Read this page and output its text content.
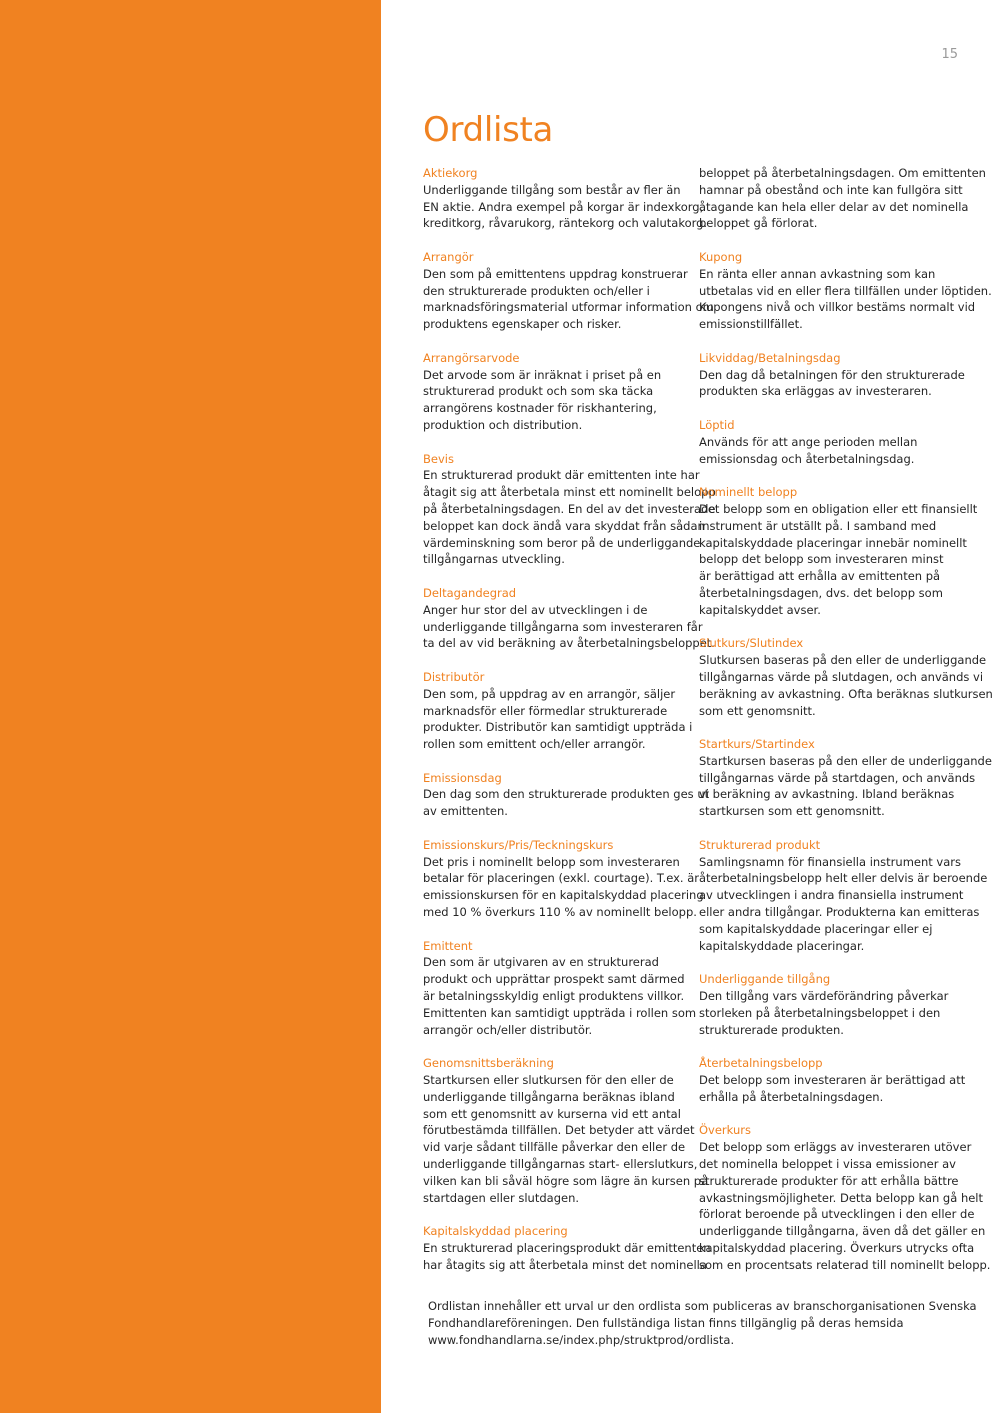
15
Ordlista
Aktiekorg
Underliggande tillgång som består av fler än
EN aktie. Andra exempel på korgar är indexkorg,
kreditkorg, råvarukorg, räntekorg och valutakorg.
Arrangör
Den som på emittentens uppdrag konstruerar
den strukturerade produkten och/eller i
marknadsföringsmaterial utformar information om
produktens egenskaper och risker.
Arrangörsarvode
Det arvode som är inräknat i priset på en
strukturerad produkt och som ska täcka
arrangörens kostnader för riskhantering,
produktion och distribution.
Bevis
En strukturerad produkt där emittenten inte har
åtagit sig att återbetala minst ett nominellt belopp
på återbetalningsdagen. En del av det investerade
beloppet kan dock ändå vara skyddat från sådan
värdeminskning som beror på de underliggande
tillgångarnas utveckling.
Deltagandegrad
Anger hur stor del av utvecklingen i de
underliggande tillgångarna som investeraren får
ta del av vid beräkning av återbetalningsbeloppet.
Distributör
Den som, på uppdrag av en arrangör, säljer
marknadsför eller förmedlar strukturerade
produkter. Distributör kan samtidigt uppträda i
rollen som emittent och/eller arrangör.
Emissionsdag
Den dag som den strukturerade produkten ges ut
av emittenten.
Emissionskurs/Pris/Teckningskurs
Det pris i nominellt belopp som investeraren
betalar för placeringen (exkl. courtage). T.ex. är
emissionskursen för en kapitalskyddad placering
med 10 % överkurs 110 % av nominellt belopp.
Emittent
Den som är utgivaren av en strukturerad
produkt och upprättar prospekt samt därmed
är betalningsskyldig enligt produktens villkor.
Emittenten kan samtidigt uppträda i rollen som
arrangör och/eller distributör.
Genomsnittsberäkning
Startkursen eller slutkursen för den eller de
underliggande tillgångarna beräknas ibland
som ett genomsnitt av kurserna vid ett antal
förutbestämda tillfällen. Det betyder att värdet
vid varje sådant tillfälle påverkar den eller de
underliggande tillgångarnas start- ellerslutkurs,
vilken kan bli såväl högre som lägre än kursen på
startdagen eller slutdagen.
Kapitalskyddad placering
En strukturerad placeringsprodukt där emittenten
har åtagits sig att återbetala minst det nominella
beloppet på återbetalningsdagen. Om emittenten
hamnar på obestånd och inte kan fullgöra sitt
åtagande kan hela eller delar av det nominella
beloppet gå förlorat.
Kupong
En ränta eller annan avkastning som kan
utbetalas vid en eller flera tillfällen under löptiden.
Kupongens nivå och villkor bestäms normalt vid
emissionstillfället.
Likviddag/Betalningsdag
Den dag då betalningen för den strukturerade
produkten ska erläggas av investeraren.
Löptid
Används för att ange perioden mellan
emissionsdag och återbetalningsdag.
Nominellt belopp
Det belopp som en obligation eller ett finansiellt
instrument är utställt på. I samband med
kapitalskyddade placeringar innebär nominellt
belopp det belopp som investeraren minst
är berättigad att erhålla av emittenten på
återbetalningsdagen, dvs. det belopp som
kapitalskyddet avser.
Slutkurs/Slutindex
Slutkursen baseras på den eller de underliggande
tillgångarnas värde på slutdagen, och används vi
beräkning av avkastning. Ofta beräknas slutkursen
som ett genomsnitt.
Startkurs/Startindex
Startkursen baseras på den eller de underliggande
tillgångarnas värde på startdagen, och används
vi beräkning av avkastning. Ibland beräknas
startkursen som ett genomsnitt.
Strukturerad produkt
Samlingsnamn för finansiella instrument vars
återbetalningsbelopp helt eller delvis är beroende
av utvecklingen i andra finansiella instrument
eller andra tillgångar. Produkterna kan emitteras
som kapitalskyddade placeringar eller ej
kapitalskyddade placeringar.
Underliggande tillgång
Den tillgång vars värdeförändring påverkar
storleken på återbetalningsbeloppet i den
strukturerade produkten.
Återbetalningsbelopp
Det belopp som investeraren är berättigad att
erhålla på återbetalningsdagen.
Överkurs
Det belopp som erläggs av investeraren utöver
det nominella beloppet i vissa emissioner av
strukturerade produkter för att erhålla bättre
avkastningsmöjligheter. Detta belopp kan gå helt
förlorat beroende på utvecklingen i den eller de
underliggande tillgångarna, även då det gäller en
kapitalskyddad placering. Överkurs utrycks ofta
som en procentsats relaterad till nominellt belopp.
Ordlistan innehåller ett urval ur den ordlista som publiceras av branschorganisationen Svenska
Fondhandlareföreningen. Den fullständiga listan finns tillgänglig på deras hemsida
www.fondhandlarna.se/index.php/struktprod/ordlista.
